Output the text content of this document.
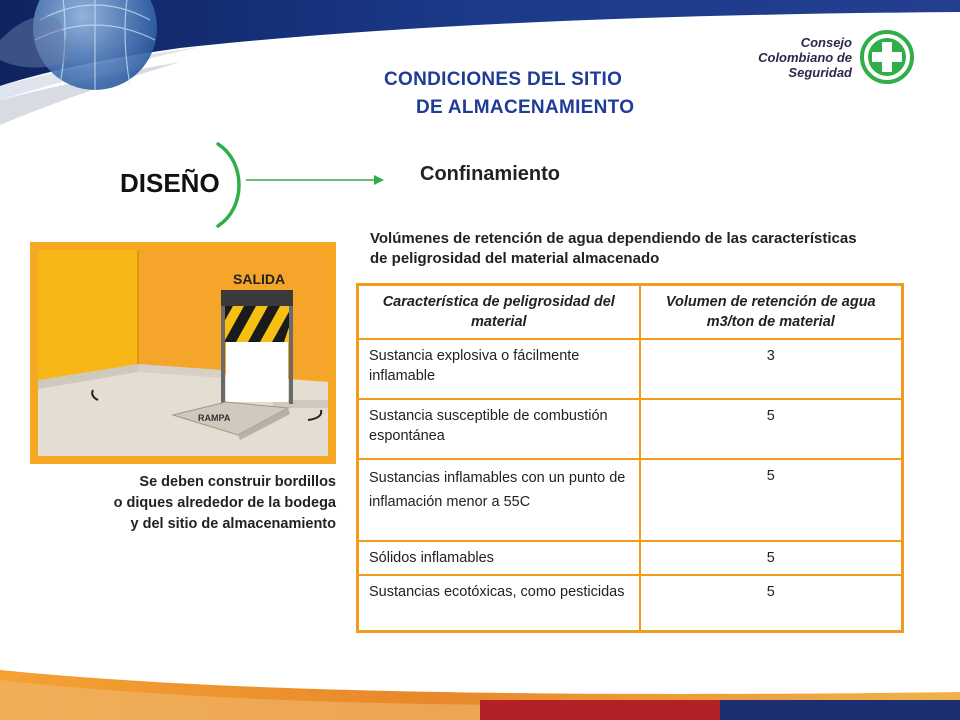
CONDICIONES DEL SITIO
DE ALMACENAMIENTO
Consejo
Colombiano de
Seguridad
DISEÑO	Confinamiento
Volúmenes de retención de agua dependiendo de las características de peligrosidad del material almacenado
SALIDA
RAMPA
Se deben construir bordillos
o diques alrededor de la bodega
y del sitio de almacenamiento
Característica de peligrosidad del material	Volumen de retención de agua m3/ton de material
Sustancia explosiva o fácilmente inflamable	3
Sustancia susceptible de combustión espontánea	5
Sustancias inflamables con un punto de inflamación menor a 55C	5
Sólidos inflamables	5
Sustancias ecotóxicas, como pesticidas	5
